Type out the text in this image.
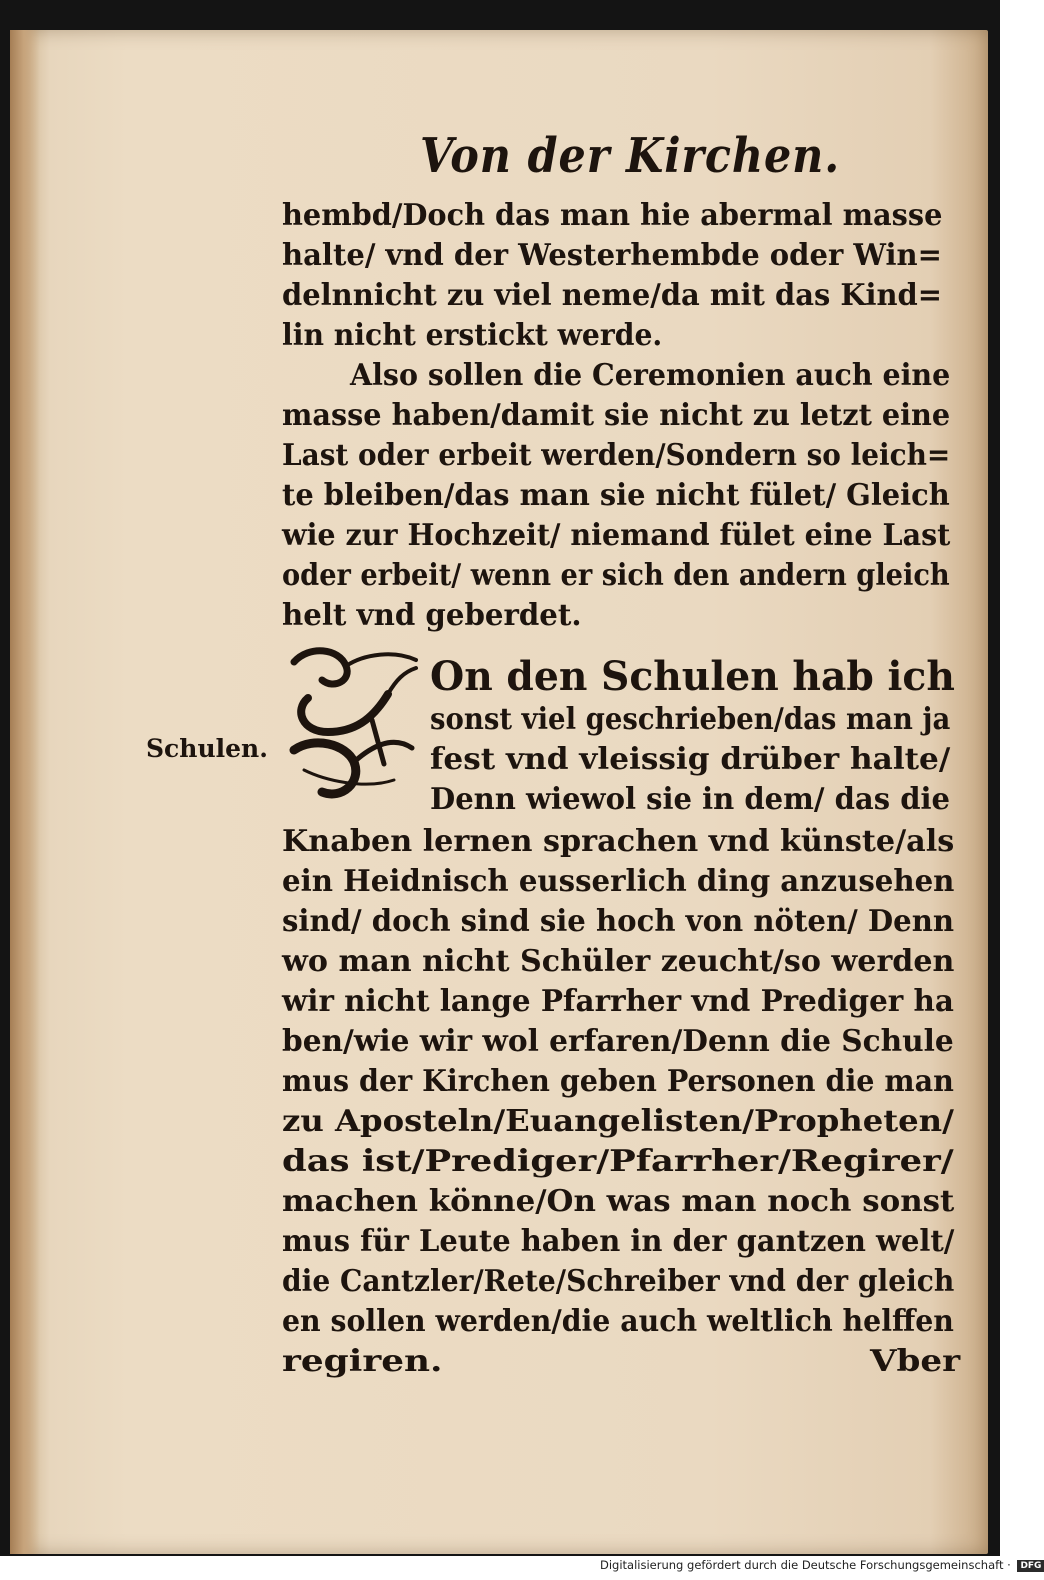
Von der Kirchen.
hembd/Doch das man hie abermal masse
halte/ vnd der Westerhembde oder Win=
delnnicht zu viel neme/da mit das Kind=
lin nicht erstickt werde.
Also sollen die Ceremonien auch eine
masse haben/damit sie nicht zu letzt eine
Last oder erbeit werden/Sondern so leich=
te bleiben/das man sie nicht fület/ Gleich
wie zur Hochzeit/ niemand fület eine Last
oder erbeit/ wenn er sich den andern gleich
helt vnd geberdet.
On den Schulen hab ich
sonst viel geschrieben/das man ja
fest vnd vleissig drüber halte/
Denn wiewol sie in dem/ das die
Knaben lernen sprachen vnd künste/als
ein Heidnisch eusserlich ding anzusehen
sind/ doch sind sie hoch von nöten/ Denn
wo man nicht Schüler zeucht/so werden
wir nicht lange Pfarrher vnd Prediger ha
ben/wie wir wol erfaren/Denn die Schule
mus der Kirchen geben Personen die man
zu Aposteln/Euangelisten/Propheten/
das ist/Prediger/Pfarrher/Regirer/
machen könne/On was man noch sonst
mus für Leute haben in der gantzen welt/
die Cantzler/Rete/Schreiber vnd der gleich
en sollen werden/die auch weltlich helffen
regiren.	Vber
Schulen.
Digitalisierung gefördert durch die Deutsche Forschungsgemeinschaft · DFG
